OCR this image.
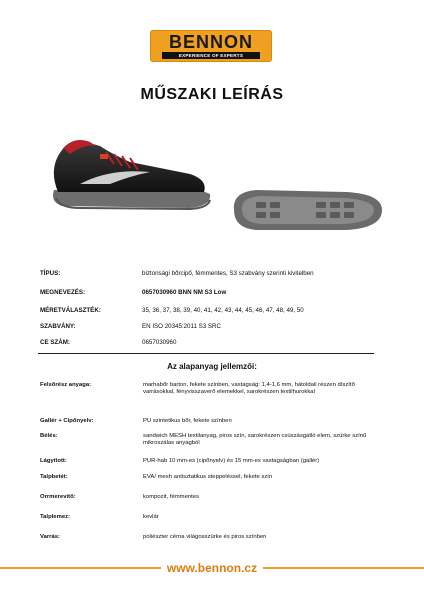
BENNON
EXPERIENCE OF EXPERTS
MŰSZAKI LEÍRÁS
TÍPUS:	biztonsági bőrcipő, fémmentes, S3 szabvány szerinti kivitelben
MEGNEVEZÉS:	0657030960 BNN NM S3 Low
MÉRETVÁLASZTÉK:	35, 36, 37, 38, 39, 40, 41, 42, 43, 44, 45, 46, 47, 48, 49, 50
SZABVÁNY:	EN ISO 20345:2011 S3 SRC
CE SZÁM:	0657030960
Az alapanyag jellemzői:
Felsőrész anyaga:	marhabőr barton, fekete színben, vastagság: 1,4-1,6 mm, hátoldali részen díszítő varrásokkal, fényvisszaverő elemekkel, sarokrészen textilhurokkal
Gallér + Cipőnyelv:	PU szintetikus bőr, fekete színben
Bélés:	sandwich MESH textilanyag, piros szín, sarokrészen csúszásgátló elem, szürke színű mikroszálas anyagból
Lágyított:	PUR-hab 10 mm-es (cipőnyelv) és 15 mm-es vastagságban (gallér)
Talpbetét:	EVA/ mesh antisztatikus steppeléssel, fekete szín
Orrmerevítő:	kompozit, fémmentes
Talplemez:	kevlár
Varrás:	poliészter cérna világosszürke és piros színben
www.bennon.cz
